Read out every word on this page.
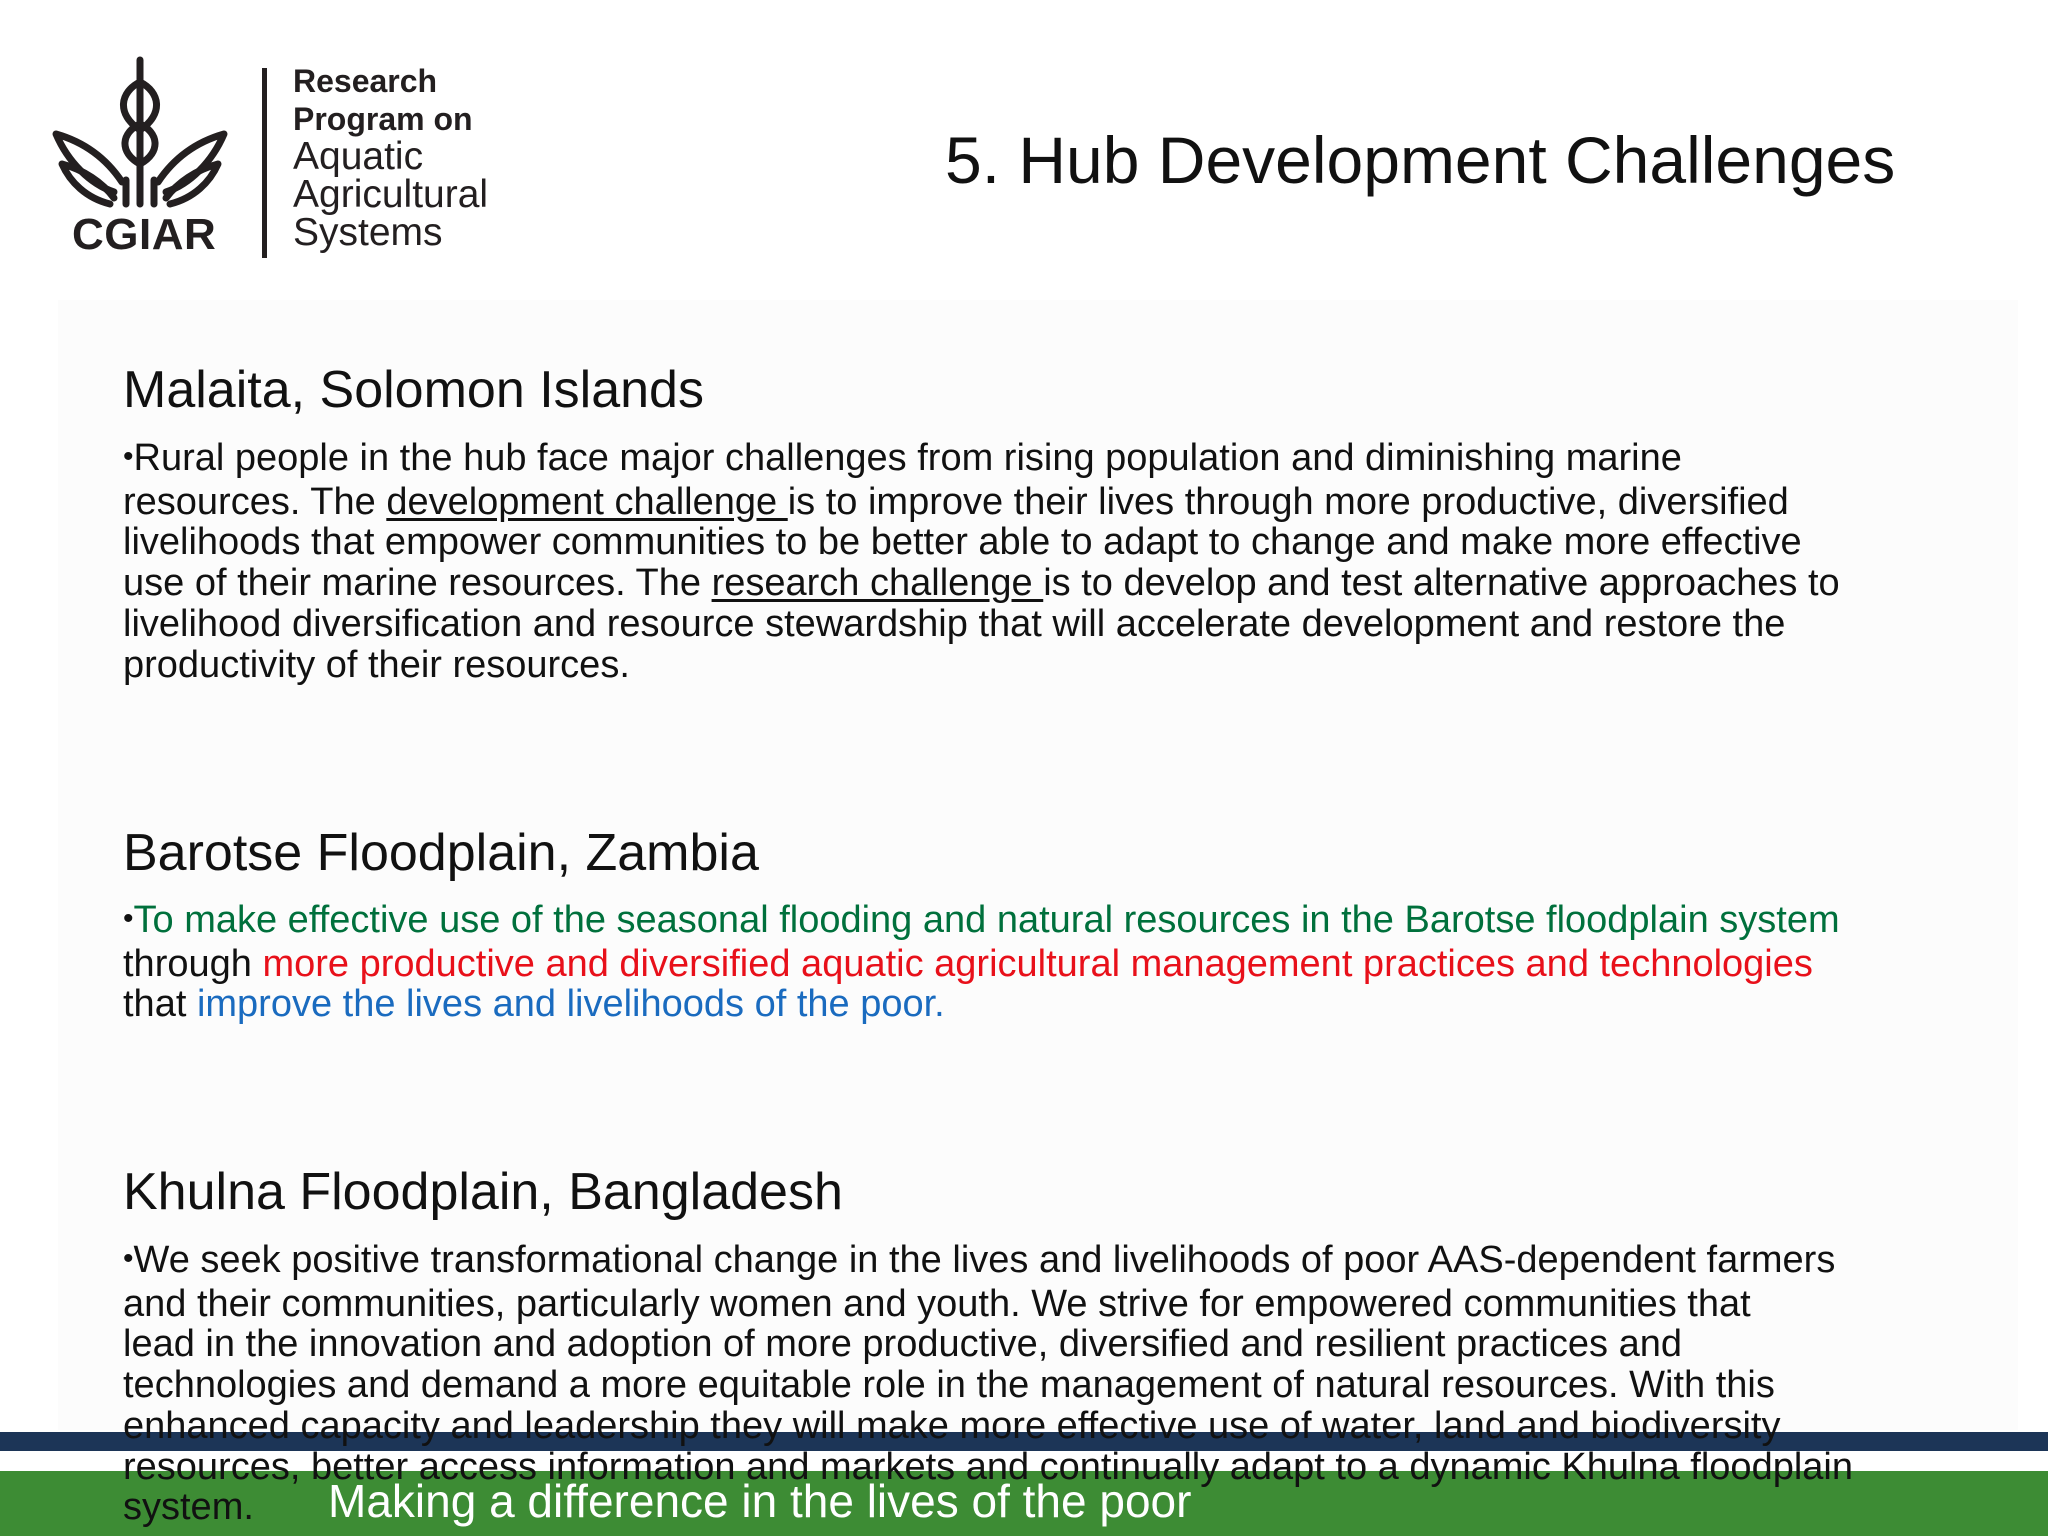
CGIAR
Research
Program on
Aquatic
Agricultural
Systems
5. Hub Development Challenges
Malaita, Solomon Islands
•Rural people in the hub face major challenges from rising population and diminishing marine
resources. The development challenge is to improve their lives through more productive, diversified
livelihoods that empower communities to be better able to adapt to change and make more effective
use of their marine resources. The research challenge is to develop and test alternative approaches to
livelihood diversification and resource stewardship that will accelerate development and restore the
productivity of their resources.
Barotse Floodplain, Zambia
•To make effective use of the seasonal flooding and natural resources in the Barotse floodplain system
through more productive and diversified aquatic agricultural management practices and technologies
that improve the lives and livelihoods of the poor.
Khulna Floodplain, Bangladesh
•We seek positive transformational change in the lives and livelihoods of poor AAS-dependent farmers
and their communities, particularly women and youth. We strive for empowered communities that
lead in the innovation and adoption of more productive, diversified and resilient practices and
technologies and demand a more equitable role in the management of natural resources. With this
enhanced capacity and leadership they will make more effective use of water, land and biodiversity
resources, better access information and markets and continually adapt to a dynamic Khulna floodplain
system.	Making a difference in the lives of the poor
